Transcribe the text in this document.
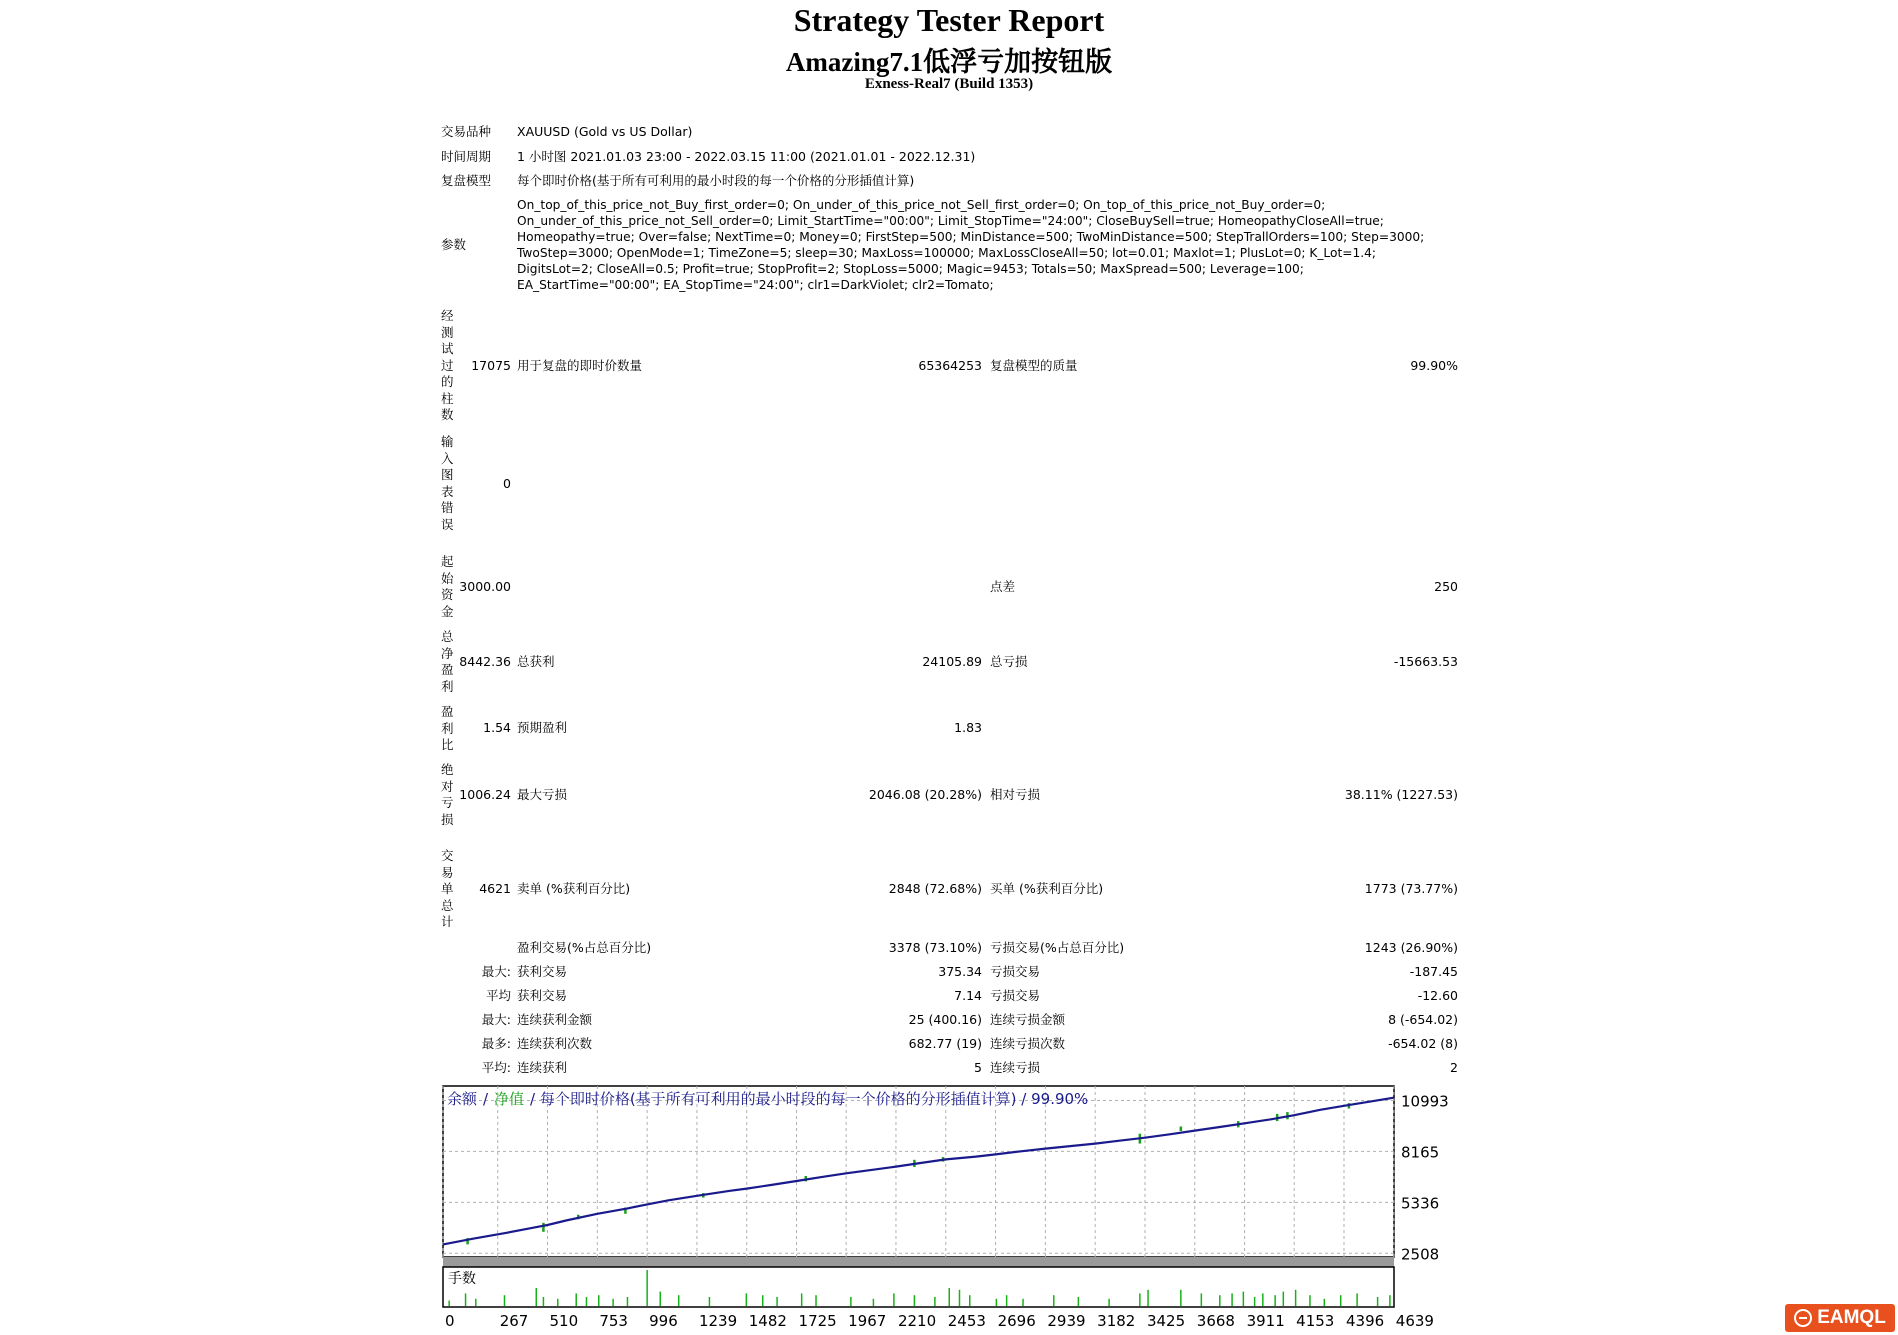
Strategy Tester Report
Amazing7.1低浮亏加按钮版
Exness-Real7 (Build 1353)
交易品种 XAUUSD (Gold vs US Dollar)
时间周期 1 小时图 2021.01.03 23:00 - 2022.03.15 11:00 (2021.01.01 - 2022.12.31)
复盘模型 每个即时价格(基于所有可利用的最小时段的每一个价格的分形插值计算)
参数
On_top_of_this_price_not_Buy_first_order=0; On_under_of_this_price_not_Sell_first_order=0; On_top_of_this_price_not_Buy_order=0; On_under_of_this_price_not_Sell_order=0; Limit_StartTime="00:00"; Limit_StopTime="24:00"; CloseBuySell=true; HomeopathyCloseAll=true; Homeopathy=true; Over=false; NextTime=0; Money=0; FirstStep=500; MinDistance=500; TwoMinDistance=500; StepTrallOrders=100; Step=3000; TwoStep=3000; OpenMode=1; TimeZone=5; sleep=30; MaxLoss=100000; MaxLossCloseAll=50; lot=0.01; Maxlot=1; PlusLot=0; K_Lot=1.4; DigitsLot=2; CloseAll=0.5; Profit=true; StopProfit=2; StopLoss=5000; Magic=9453; Totals=50; MaxSpread=500; Leverage=100; EA_StartTime="00:00"; EA_StopTime="24:00"; clr1=DarkViolet; clr2=Tomato;
经测试过的柱数
17075 用于复盘的即时价数量	65364253 复盘模型的质量	99.90%
输入图表错误
0
起始资金
3000.00	点差	250
总净盈利
8442.36 总获利	24105.89 总亏损	-15663.53
盈利比
1.54 预期盈利	1.83
绝对亏损
1006.24 最大亏损	2046.08 (20.28%) 相对亏损	38.11% (1227.53)
交易单总计
4621 卖单 (%获利百分比)	2848 (72.68%) 买单 (%获利百分比)	1773 (73.77%)
盈利交易(%占总百分比)	3378 (73.10%) 亏损交易(%占总百分比)	1243 (26.90%)
最大: 获利交易	375.34 亏损交易	-187.45
平均 获利交易	7.14 亏损交易	-12.60
最大: 连续获利金额	25 (400.16) 连续亏损金额	8 (-654.02)
最多: 连续获利次数	682.77 (19) 连续亏损次数	-654.02 (8)
平均: 连续获利	5 连续亏损	2
10993
8165
5336
2508
0	267 510 753 996 1239 1482 1725 1967 2210 2453 2696 2939 3182 3425 3668 3911 4153 4396 4639
余额 / 净值 / 每个即时价格(基于所有可利用的最小时段的每一个价格的分形插值计算) / 99.90%
手数
EAMQL
